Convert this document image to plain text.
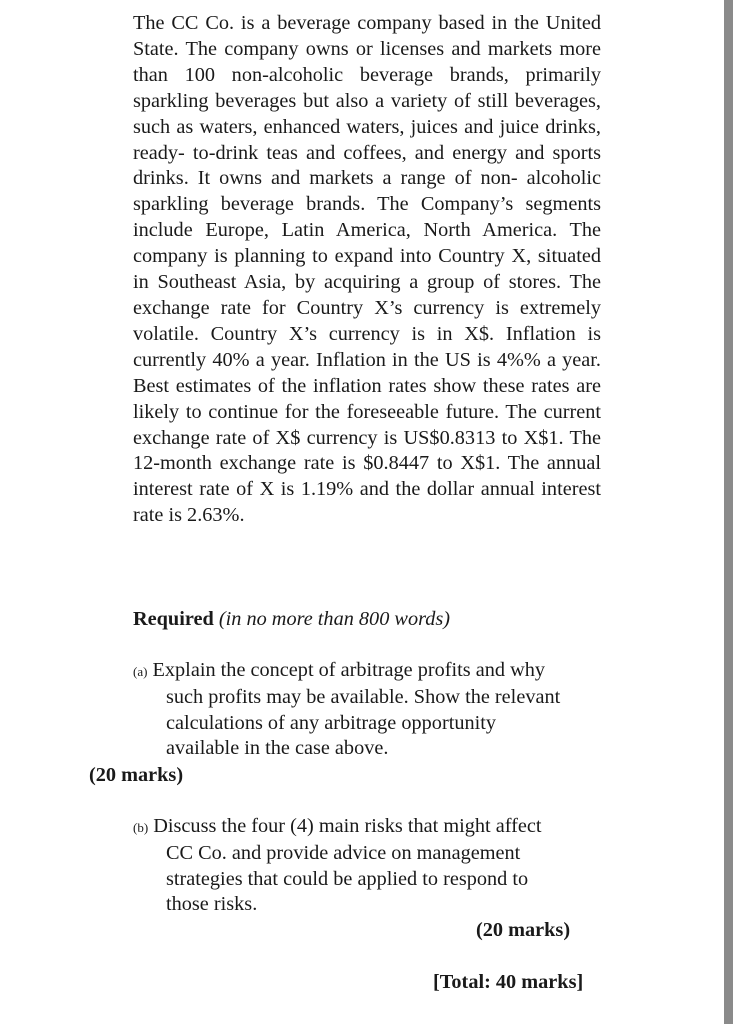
The CC Co. is a beverage company based in the United State. The company owns or licenses and markets more than 100 non-alcoholic beverage brands, primarily sparkling beverages but also a variety of still beverages, such as waters, enhanced waters, juices and juice drinks, ready- to-drink teas and coffees, and energy and sports drinks. It owns and markets a range of non- alcoholic sparkling beverage brands. The Company’s segments include Europe, Latin America, North America. The company is planning to expand into Country X, situated in Southeast Asia, by acquiring a group of stores. The exchange rate for Country X’s currency is extremely volatile. Country X’s currency is in X$. Inflation is currently 40% a year. Inflation in the US is 4%% a year. Best estimates of the inflation rates show these rates are likely to continue for the foreseeable future. The current exchange rate of X$ currency is US$0.8313 to X$1. The 12-month exchange rate is $0.8447 to X$1. The annual interest rate of X is 1.19% and the dollar annual interest rate is 2.63%.

Required (in no more than 800 words)

(a) Explain the concept of arbitrage profits and why
such profits may be available. Show the relevant
calculations of any arbitrage opportunity
available in the case above.

(20 marks)

(b) Discuss the four (4) main risks that might affect
CC Co. and provide advice on management
strategies that could be applied to respond to
those risks.

(20 marks)

[Total: 40 marks]
